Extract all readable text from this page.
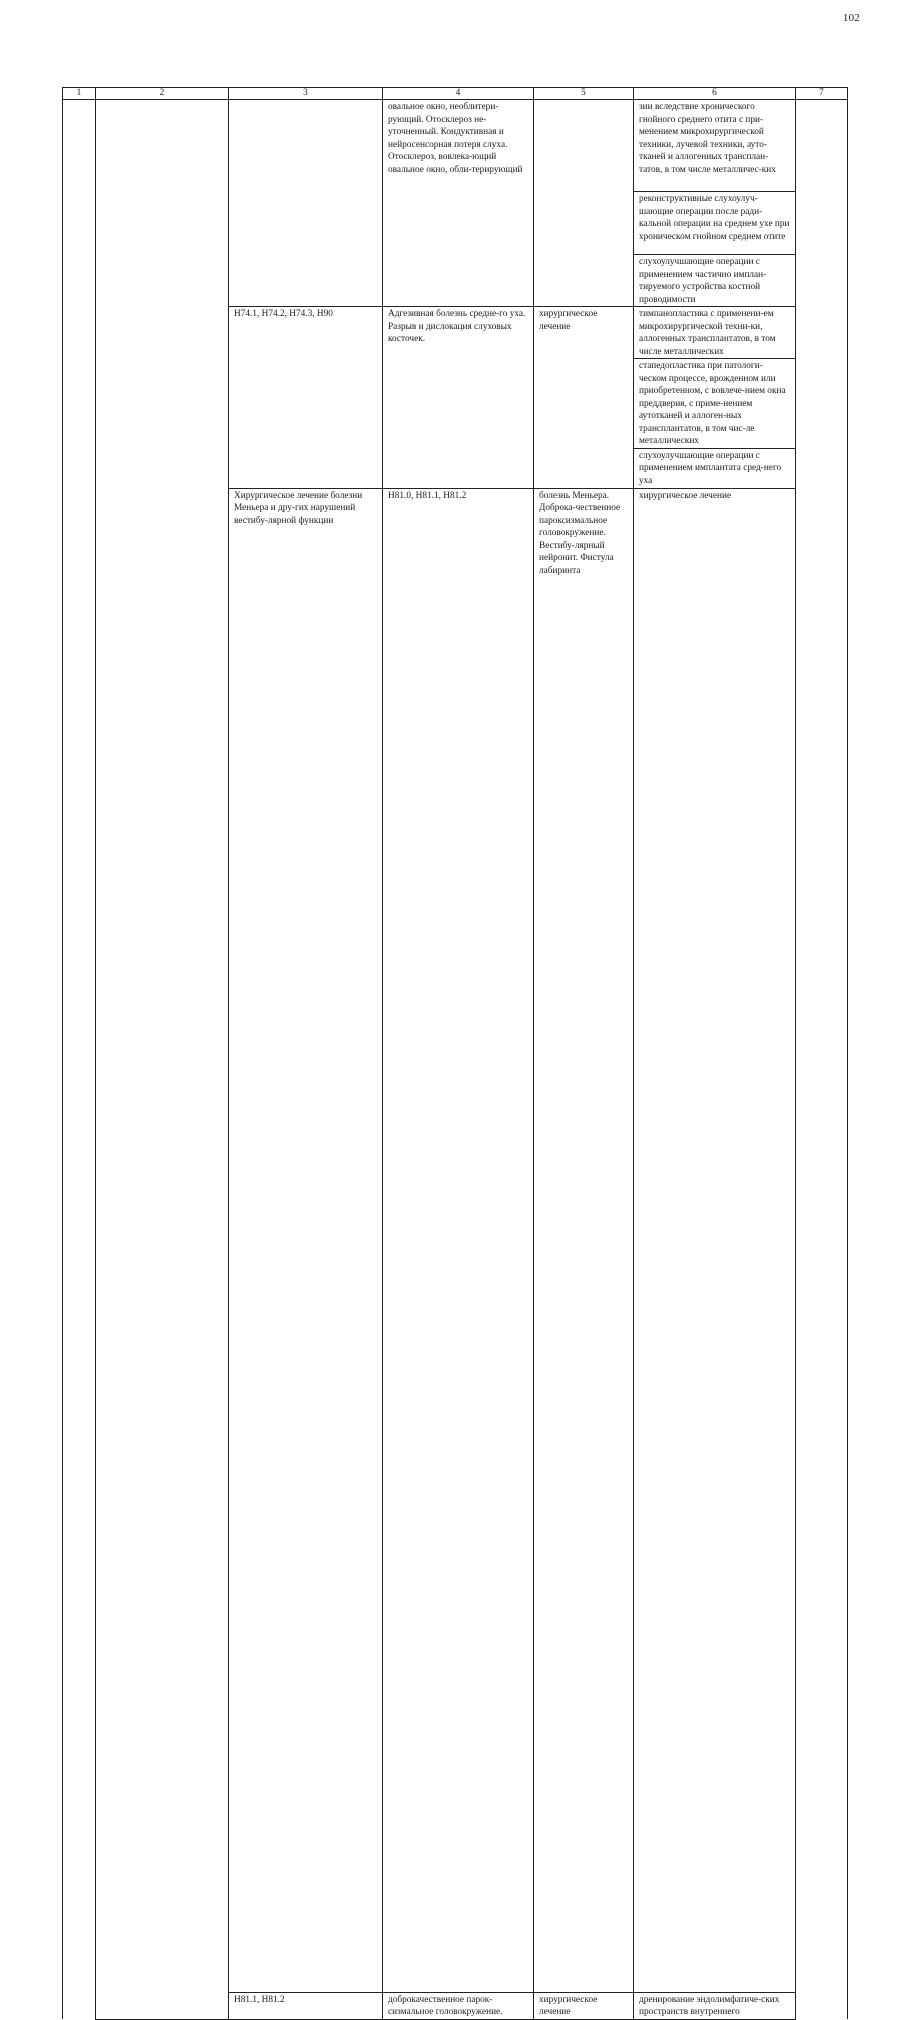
102
1	2	3	4	5	6	7	
			овальное окно, необлитери-рующий. Отосклероз не-уточненный. Кондуктивная и нейросенсорная потеря слуха. Отосклероз, вовлека-ющий овальное окно, обли-терирующий		зии вследствие хронического гнойного среднего отита с при-менением микрохирургической техники, лучевой техники, ауто-тканей и аллогенных трансплан-татов, в том числе металличес-ких		
					реконструктивные слухоулуч-шающие операции после ради-кальной операции на среднем ухе при хроническом гнойном среднем отите		
					слухоулучшающие операции с применением частично имплан-тируемого устройства костной проводимости		
		H74.1, H74.2, H74.3, H90	Адгезивная болезнь средне-го уха. Разрыв и дислокация слуховых косточек.	хирургическое лечение	тимпанопластика с применени-ем микрохирургической техни-ки, аллогенных трансплантатов, в том числе металлических		
					стапедопластика при патологи-ческом процессе, врожденном или приобретенном, с вовлече-нием окна преддверия, с приме-нением аутотканей и аллоген-ных трансплантатов, в том чис-ле металлических		
					слухоулучшающие операции с применением имплантата сред-него уха		
		Хирургическое лечение болезни Меньера и дру-гих нарушений вестибу-лярной функции	H81.0, H81.1, H81.2	болезнь Меньера. Доброка-чественное пароксизмальное головокружение. Вестибу-лярный нейронит. Фистула лабиринта	хирургическое лечение	

		H81.1, H81.2	доброкачественное парок-сизмальное головокружение.	хирургическое лечение	дренирование эндолимфатиче-ских пространств внутреннего		
